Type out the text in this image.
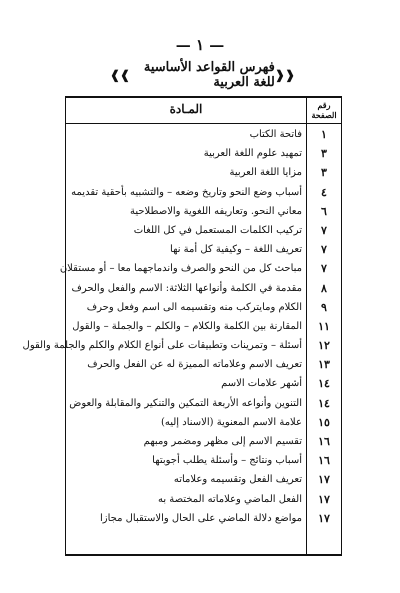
— ١ —
❰❰
فهرس القواعد الأساسية للغة العربية
❱❱
المـادة	رقم الصفحة
١
فاتحة الكتاب
٣
تمهيد علوم اللغة العربية
٣
مزايا اللغة العربية
٤
أسباب وضع النحو وتاريخ وضعه – والتشبيه بأحقية تقديمه
٦
معاني النحو. وتعاريفه اللغوية والاصطلاحية
٧
تركيب الكلمات المستعمل في كل اللغات
٧
تعريف اللغة – وكيفية كل أمة نها
٧
مباحث كل من النحو والصرف واندماجهما معا – أو مستقلان
٨
مقدمة في الكلمة وأنواعها الثلاثة: الاسم والفعل والحرف
٩
الكلام ومايتركب منه وتقسيمه الى اسم وفعل وحرف
١١
المقارنة بين الكلمة والكلام – والكلم – والجملة – والقول
١٢
أسئلة – وتمرينات وتطبيقات على أنواع الكلام والكلم والجلمة والقول
١٣
تعريف الاسم وعلاماته المميزة له عن الفعل والحرف
١٤
أشهر علامات الاسم
١٤
التنوين وأنواعه الأربعة التمكين والتنكير والمقابلة والعوض
١٥
علامة الاسم المعنوية (الاسناد إليه)
١٦
تقسيم الاسم إلى مظهر ومضمر ومبهم
١٦
أسباب ونتائج – وأسئلة يطلب أجوبتها
١٧
تعريف الفعل وتقسيمه وعلاماته
١٧
الفعل الماضي وعلاماته المختصة به
١٧
مواضع دلالة الماضي على الحال والاستقبال مجازا
